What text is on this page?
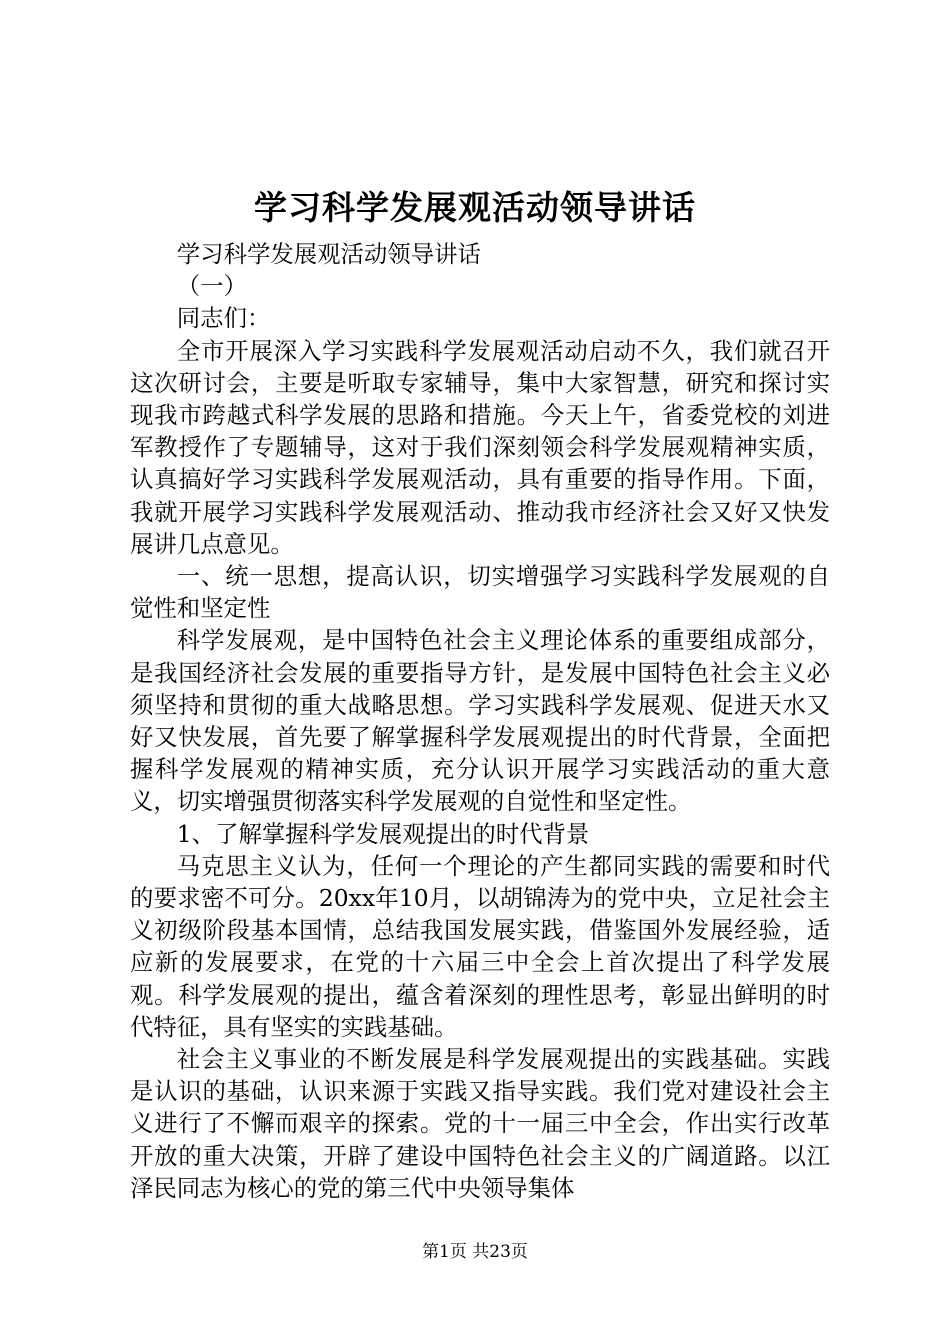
学习科学发展观活动领导讲话

学习科学发展观活动领导讲话

（一）

同志们：

全市开展深入学习实践科学发展观活动启动不久，我们就召开这次研讨会，主要是听取专家辅导，集中大家智慧，研究和探讨实现我市跨越式科学发展的思路和措施。今天上午，省委党校的刘进军教授作了专题辅导，这对于我们深刻领会科学发展观精神实质，认真搞好学习实践科学发展观活动，具有重要的指导作用。下面，我就开展学习实践科学发展观活动、推动我市经济社会又好又快发展讲几点意见。

一、统一思想，提高认识，切实增强学习实践科学发展观的自觉性和坚定性

科学发展观，是中国特色社会主义理论体系的重要组成部分，是我国经济社会发展的重要指导方针，是发展中国特色社会主义必须坚持和贯彻的重大战略思想。学习实践科学发展观、促进天水又好又快发展，首先要了解掌握科学发展观提出的时代背景，全面把握科学发展观的精神实质，充分认识开展学习实践活动的重大意义，切实增强贯彻落实科学发展观的自觉性和坚定性。

1、了解掌握科学发展观提出的时代背景

马克思主义认为，任何一个理论的产生都同实践的需要和时代的要求密不可分。20xx年10月，以胡锦涛为的党中央，立足社会主义初级阶段基本国情，总结我国发展实践，借鉴国外发展经验，适应新的发展要求，在党的十六届三中全会上首次提出了科学发展观。科学发展观的提出，蕴含着深刻的理性思考，彰显出鲜明的时代特征，具有坚实的实践基础。

社会主义事业的不断发展是科学发展观提出的实践基础。实践是认识的基础，认识来源于实践又指导实践。我们党对建设社会主义进行了不懈而艰辛的探索。党的十一届三中全会，作出实行改革开放的重大决策，开辟了建设中国特色社会主义的广阔道路。以江泽民同志为核心的党的第三代中央领导集体

第1页 共23页
